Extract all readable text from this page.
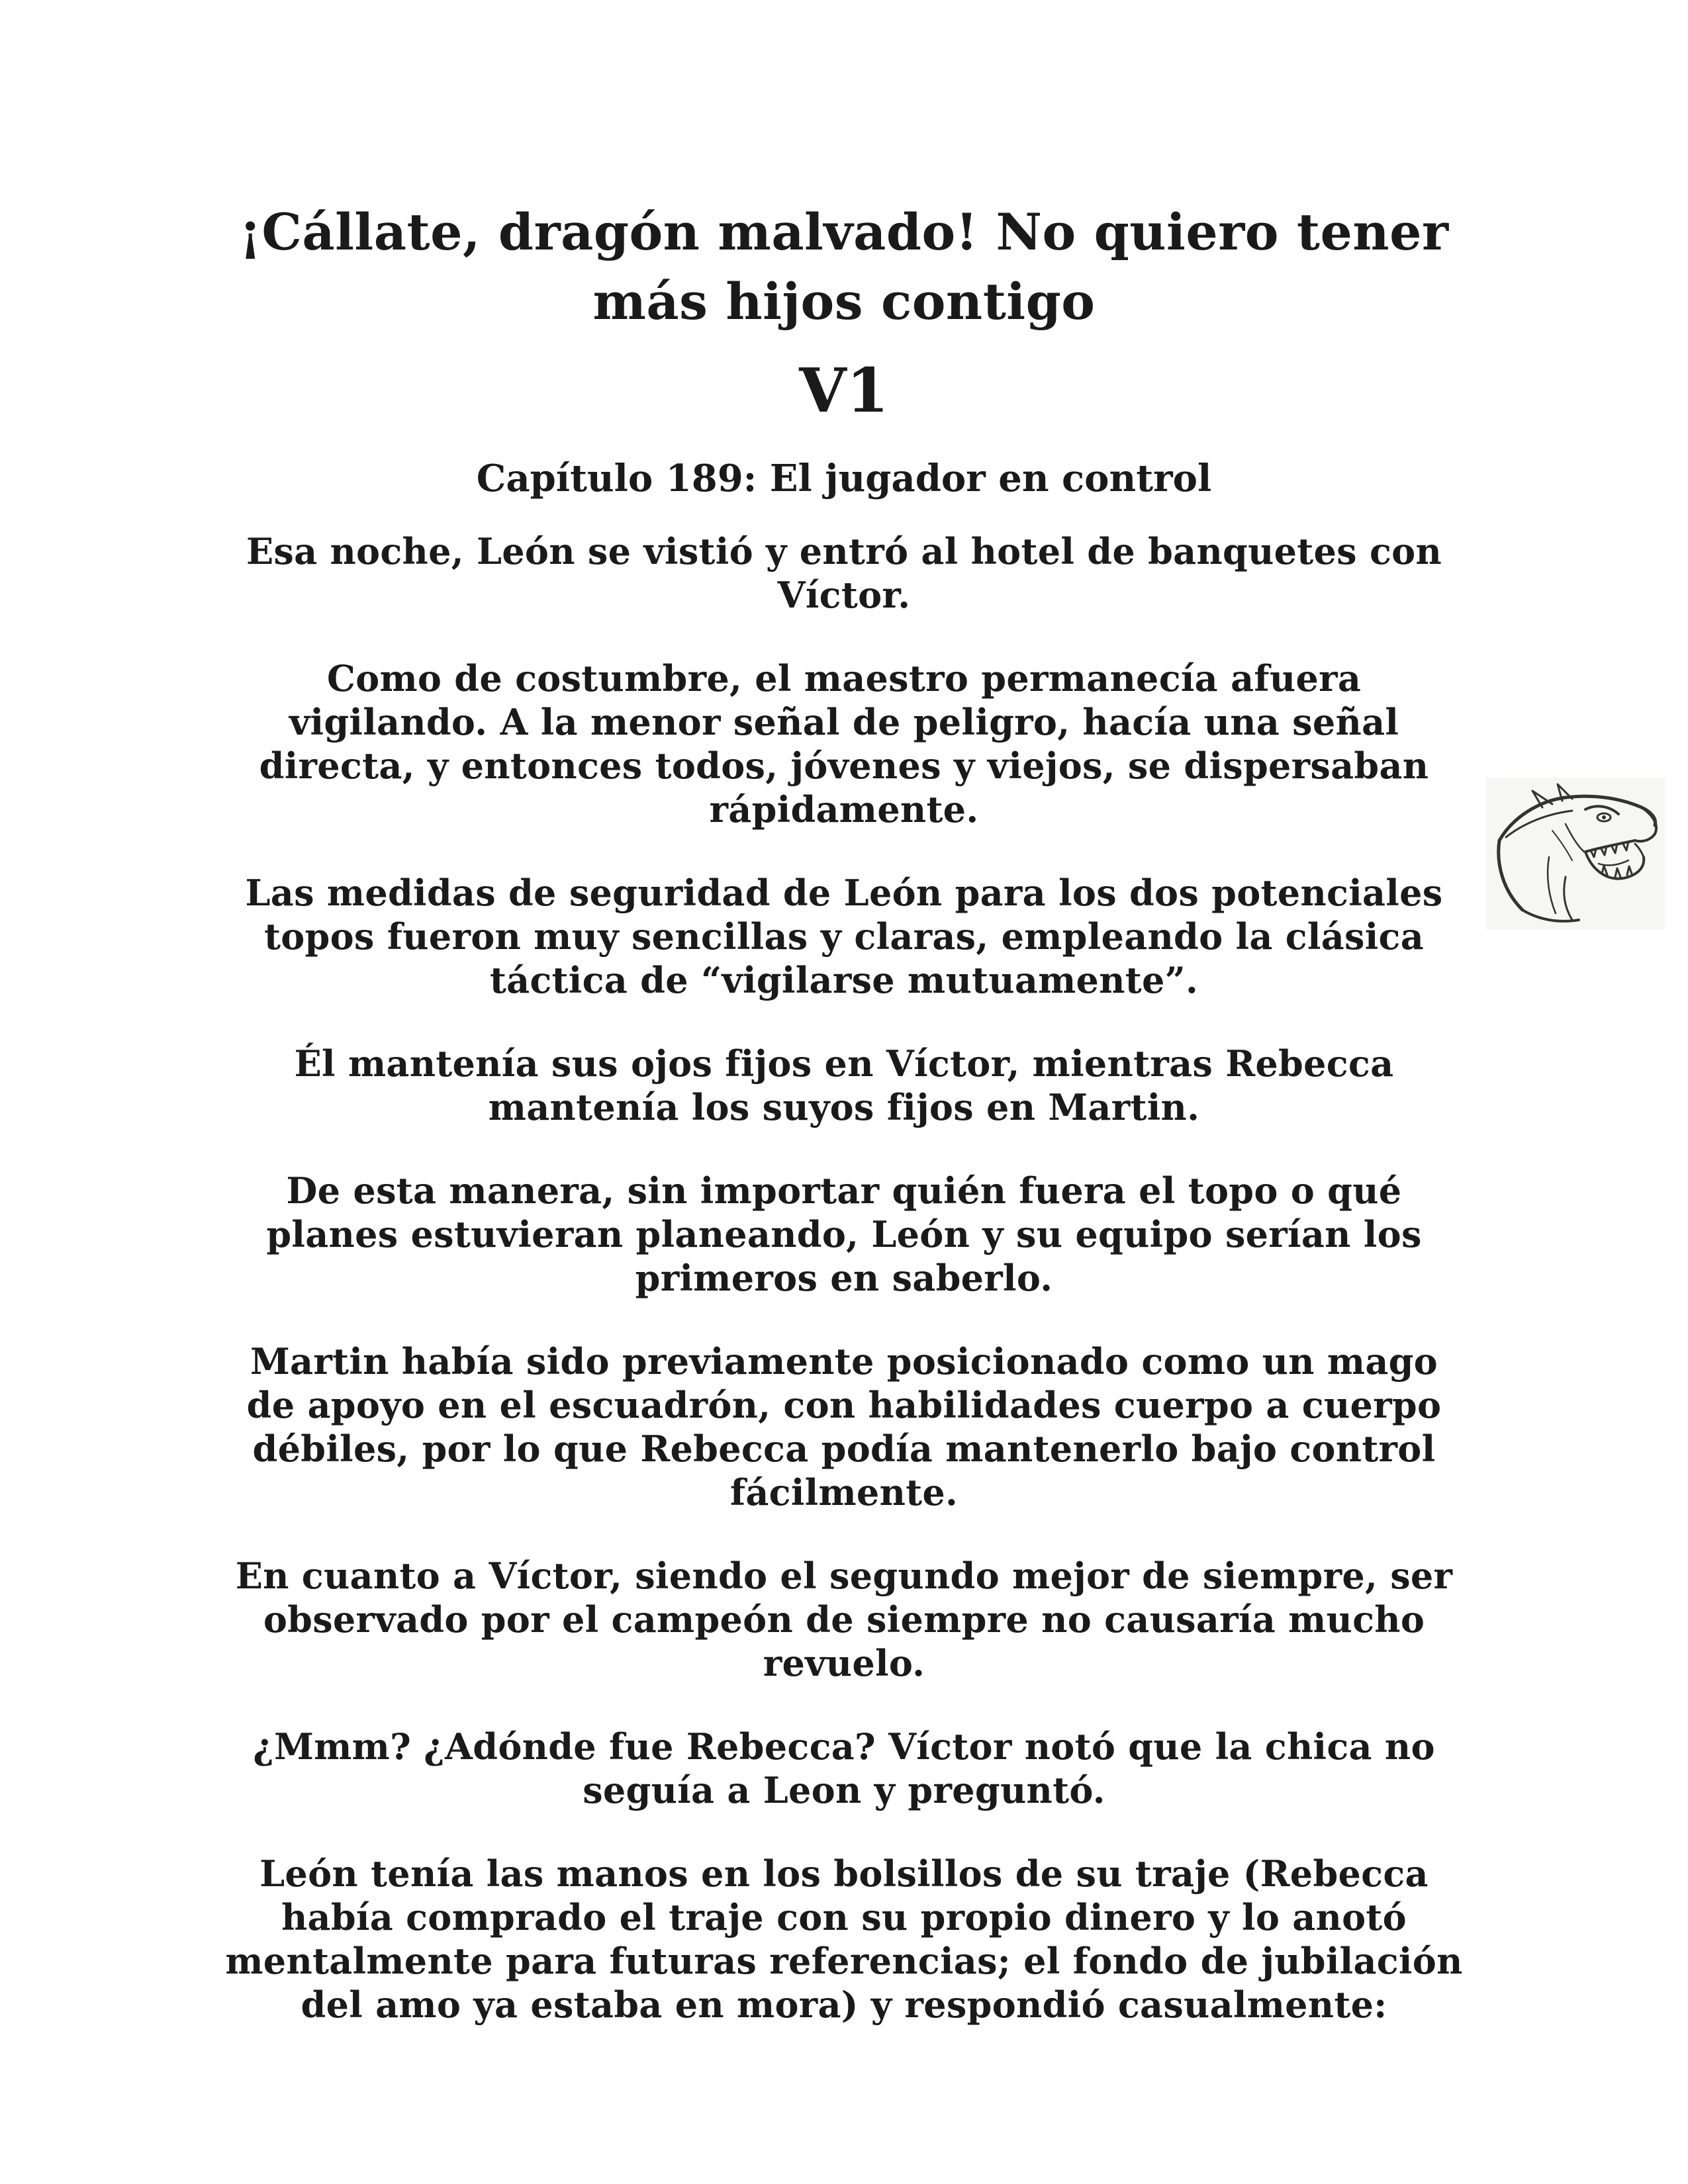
¡Cállate, dragón malvado! No quiero tener más hijos contigo
V1
Capítulo 189: El jugador en control

Esa noche, León se vistió y entró al hotel de banquetes con Víctor.

Como de costumbre, el maestro permanecía afuera vigilando. A la menor señal de peligro, hacía una señal directa, y entonces todos, jóvenes y viejos, se dispersaban rápidamente.

Las medidas de seguridad de León para los dos potenciales topos fueron muy sencillas y claras, empleando la clásica táctica de “vigilarse mutuamente”.

Él mantenía sus ojos fijos en Víctor, mientras Rebecca mantenía los suyos fijos en Martin.

De esta manera, sin importar quién fuera el topo o qué planes estuvieran planeando, León y su equipo serían los primeros en saberlo.

Martin había sido previamente posicionado como un mago de apoyo en el escuadrón, con habilidades cuerpo a cuerpo débiles, por lo que Rebecca podía mantenerlo bajo control fácilmente.

En cuanto a Víctor, siendo el segundo mejor de siempre, ser observado por el campeón de siempre no causaría mucho revuelo.

¿Mmm? ¿Adónde fue Rebecca? Víctor notó que la chica no seguía a Leon y preguntó.

León tenía las manos en los bolsillos de su traje (Rebecca había comprado el traje con su propio dinero y lo anotó mentalmente para futuras referencias; el fondo de jubilación del amo ya estaba en mora) y respondió casualmente:
